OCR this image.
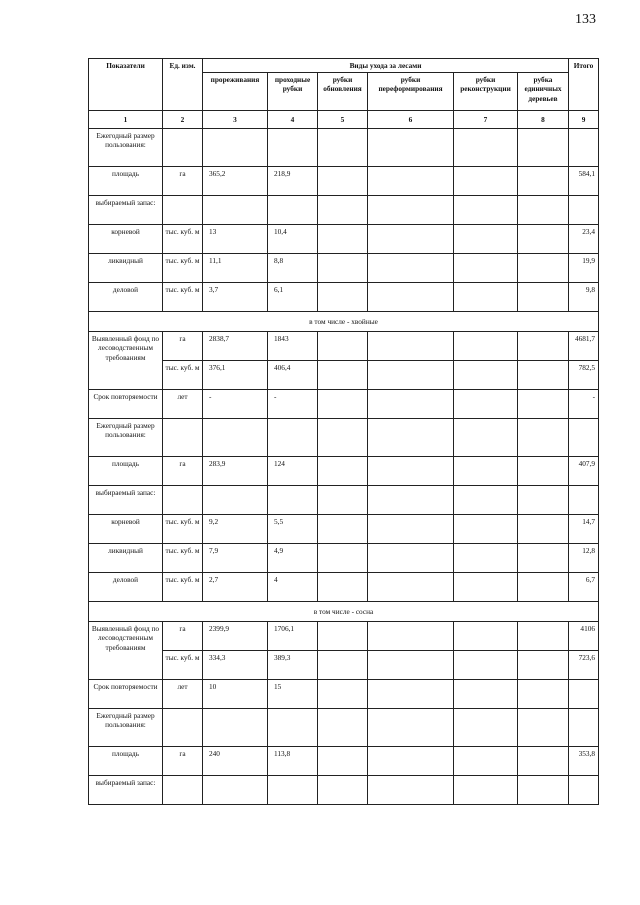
133
Показатели	Ед. изм.	Виды ухода за лесами						Итого
		прореживания	проходные рубки	рубки обновления	рубки переформирования	рубки реконструкции	рубка единичных деревьев	
1	2	3	4	5	6	7	8	9
Ежегодный размер пользования:								
площадь	га	365,2	218,9					584,1
выбираемый запас:								
корневой	тыс. куб. м	13	10,4					23,4
ликвидный	тыс. куб. м	11,1	8,8					19,9
деловой	тыс. куб. м	3,7	6,1					9,8
в том числе - хвойные								
Выявленный фонд по лесоводственным требованиям	га	2838,7	1843					4681,7
	тыс. куб. м	376,1	406,4					782,5
Срок повторяемости	лет	-	-					-
Ежегодный размер пользования:								
площадь	га	283,9	124					407,9
выбираемый запас:								
корневой	тыс. куб. м	9,2	5,5					14,7
ликвидный	тыс. куб. м	7,9	4,9					12,8
деловой	тыс. куб. м	2,7	4					6,7
в том числе - сосна								
Выявленный фонд по лесоводственным требованиям	га	2399,9	1706,1					4106
	тыс. куб. м	334,3	389,3					723,6
Срок повторяемости	лет	10	15					
Ежегодный размер пользования:								
площадь	га	240	113,8					353,8
выбираемый запас:								
